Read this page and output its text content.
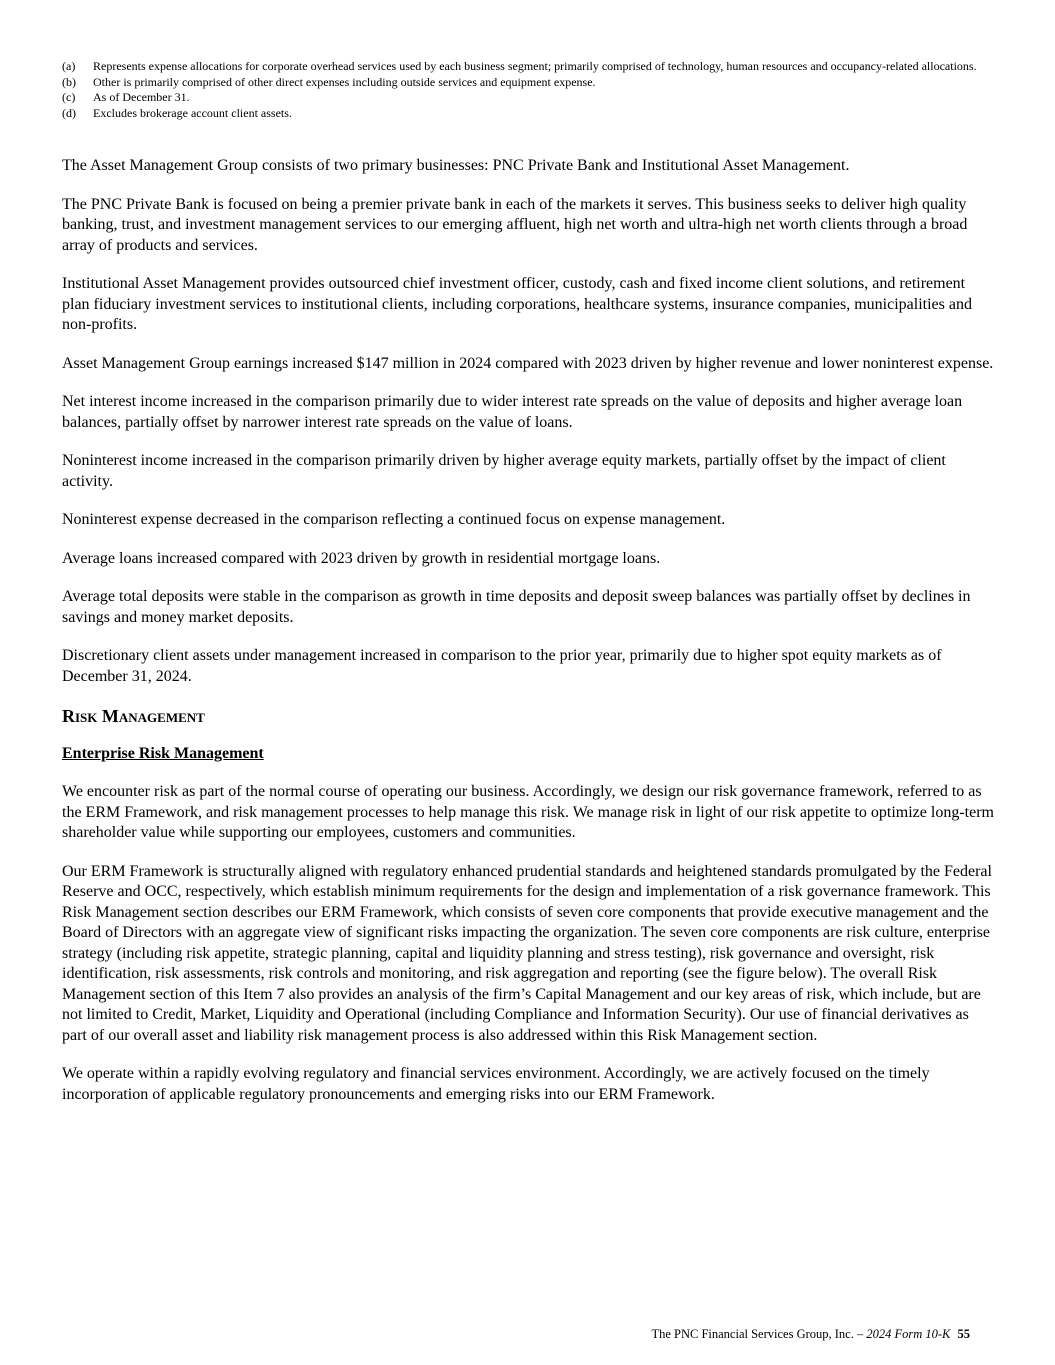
(a)	Represents expense allocations for corporate overhead services used by each business segment; primarily comprised of technology, human resources and occupancy-related allocations.
(b)	Other is primarily comprised of other direct expenses including outside services and equipment expense.
(c)	As of December 31.
(d)	Excludes brokerage account client assets.

The Asset Management Group consists of two primary businesses: PNC Private Bank and Institutional Asset Management.

The PNC Private Bank is focused on being a premier private bank in each of the markets it serves. This business seeks to deliver high quality banking, trust, and investment management services to our emerging affluent, high net worth and ultra-high net worth clients through a broad array of products and services.

Institutional Asset Management provides outsourced chief investment officer, custody, cash and fixed income client solutions, and retirement plan fiduciary investment services to institutional clients, including corporations, healthcare systems, insurance companies, municipalities and non-profits.

Asset Management Group earnings increased $147 million in 2024 compared with 2023 driven by higher revenue and lower noninterest expense.

Net interest income increased in the comparison primarily due to wider interest rate spreads on the value of deposits and higher average loan balances, partially offset by narrower interest rate spreads on the value of loans.

Noninterest income increased in the comparison primarily driven by higher average equity markets, partially offset by the impact of client activity.

Noninterest expense decreased in the comparison reflecting a continued focus on expense management.

Average loans increased compared with 2023 driven by growth in residential mortgage loans.

Average total deposits were stable in the comparison as growth in time deposits and deposit sweep balances was partially offset by declines in savings and money market deposits.

Discretionary client assets under management increased in comparison to the prior year, primarily due to higher spot equity markets as of December 31, 2024.

Risk Management
Enterprise Risk Management

We encounter risk as part of the normal course of operating our business. Accordingly, we design our risk governance framework, referred to as the ERM Framework, and risk management processes to help manage this risk. We manage risk in light of our risk appetite to optimize long-term shareholder value while supporting our employees, customers and communities.

Our ERM Framework is structurally aligned with regulatory enhanced prudential standards and heightened standards promulgated by the Federal Reserve and OCC, respectively, which establish minimum requirements for the design and implementation of a risk governance framework. This Risk Management section describes our ERM Framework, which consists of seven core components that provide executive management and the Board of Directors with an aggregate view of significant risks impacting the organization. The seven core components are risk culture, enterprise strategy (including risk appetite, strategic planning, capital and liquidity planning and stress testing), risk governance and oversight, risk identification, risk assessments, risk controls and monitoring, and risk aggregation and reporting (see the figure below). The overall Risk Management section of this Item 7 also provides an analysis of the firm’s Capital Management and our key areas of risk, which include, but are not limited to Credit, Market, Liquidity and Operational (including Compliance and Information Security). Our use of financial derivatives as part of our overall asset and liability risk management process is also addressed within this Risk Management section.

We operate within a rapidly evolving regulatory and financial services environment. Accordingly, we are actively focused on the timely incorporation of applicable regulatory pronouncements and emerging risks into our ERM Framework.

The PNC Financial Services Group, Inc. – 2024 Form 10-K 55
